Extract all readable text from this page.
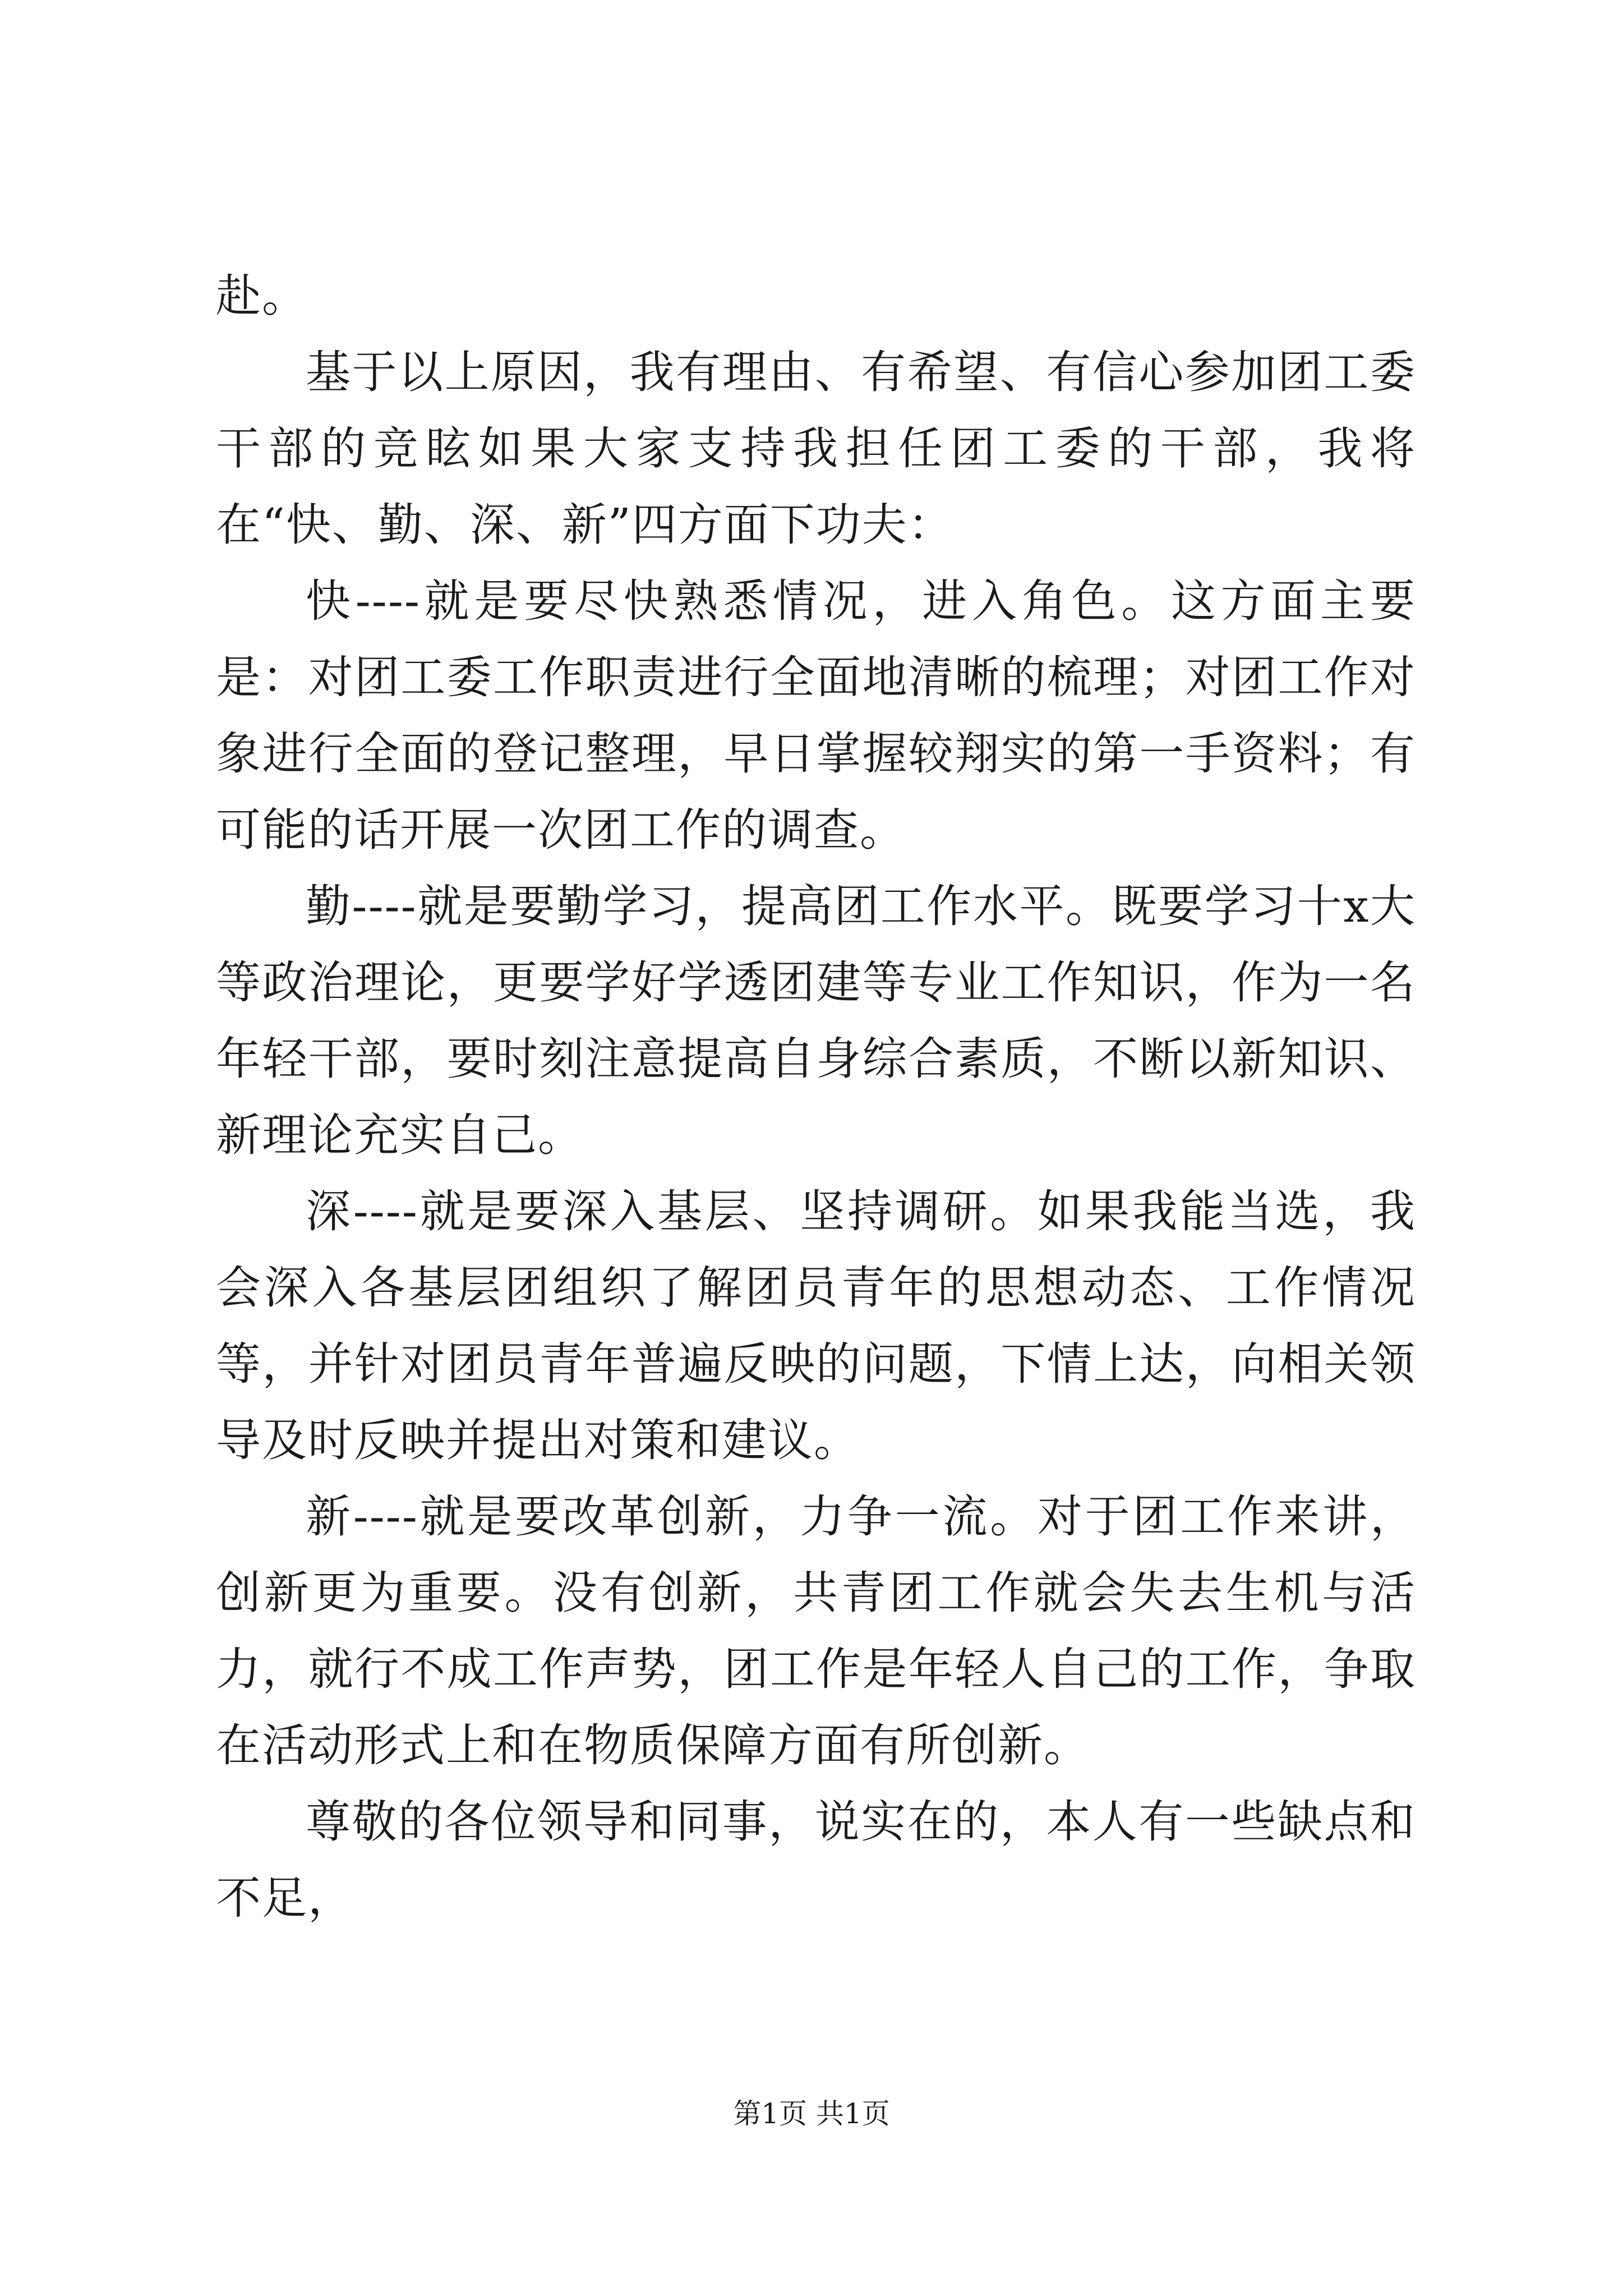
赴。

基于以上原因，我有理由、有希望、有信心参加团工委干部的竞眩如果大家支持我担任团工委的干部，我将在“快、勤、深、新”四方面下功夫：

快----就是要尽快熟悉情况，进入角色。这方面主要是：对团工委工作职责进行全面地清晰的梳理；对团工作对象进行全面的登记整理，早日掌握较翔实的第一手资料；有可能的话开展一次团工作的调查。

勤----就是要勤学习，提高团工作水平。既要学习十x大等政治理论，更要学好学透团建等专业工作知识，作为一名年轻干部，要时刻注意提高自身综合素质，不断以新知识、新理论充实自己。

深----就是要深入基层、坚持调研。如果我能当选，我会深入各基层团组织了解团员青年的思想动态、工作情况等，并针对团员青年普遍反映的问题，下情上达，向相关领导及时反映并提出对策和建议。

新----就是要改革创新，力争一流。对于团工作来讲，创新更为重要。没有创新，共青团工作就会失去生机与活力，就行不成工作声势，团工作是年轻人自己的工作，争取在活动形式上和在物质保障方面有所创新。

尊敬的各位领导和同事，说实在的，本人有一些缺点和不足，

第1页 共1页
